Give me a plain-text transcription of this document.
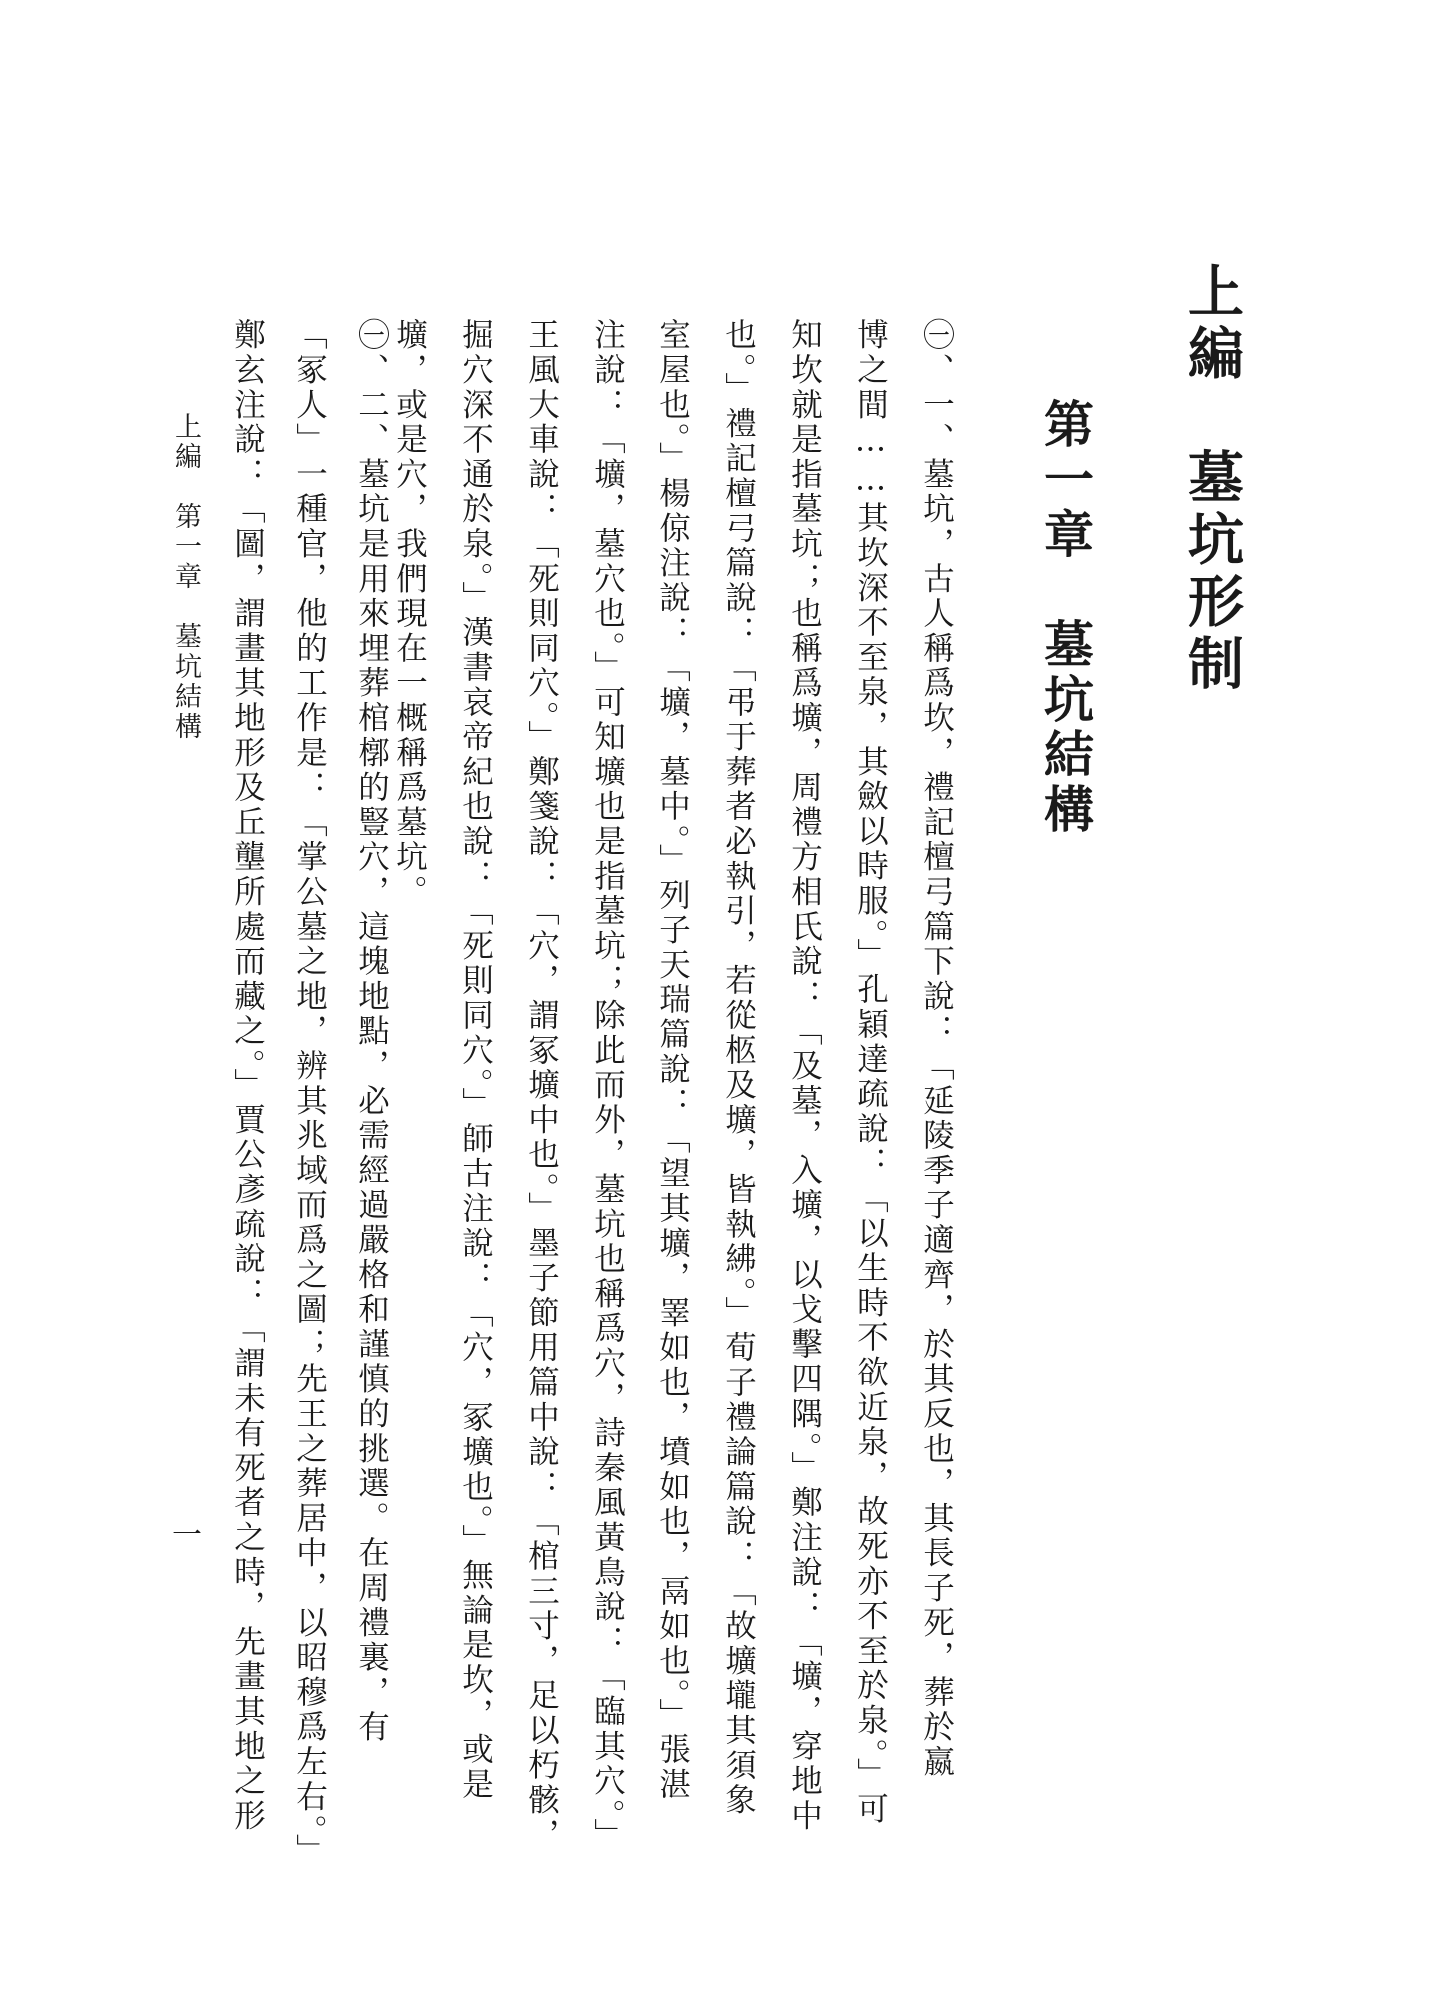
上編　墓坑形制
第一章　墓坑結構
㊀、一、墓坑，古人稱爲坎，禮記檀弓篇下說：「延陵季子適齊，於其反也，其長子死，葬於嬴
博之間……其坎深不至泉，其斂以時服。」孔穎達疏說：「以生時不欲近泉，故死亦不至於泉。」可
知坎就是指墓坑；也稱爲壙，周禮方相氏說：「及墓，入壙，以戈擊四隅。」鄭注說：「壙，穿地中
也。」禮記檀弓篇說：「弔于葬者必執引，若從柩及壙，皆執紼。」荀子禮論篇說：「故壙壠其須象
室屋也。」楊倞注說：「壙，墓中。」列子天瑞篇說：「望其壙，睪如也，墳如也，鬲如也。」張湛
注說：「壙，墓穴也。」可知壙也是指墓坑；除此而外，墓坑也稱爲穴，詩秦風黃鳥說：「臨其穴。」
王風大車說：「死則同穴。」鄭箋說：「穴，謂冢壙中也。」墨子節用篇中說：「棺三寸，足以朽骸，
掘穴深不通於泉。」漢書哀帝紀也說：「死則同穴。」師古注說：「穴，冢壙也。」無論是坎，或是
壙，或是穴，我們現在一概稱爲墓坑。
㊀、二、墓坑是用來埋葬棺槨的豎穴，這塊地點，必需經過嚴格和謹慎的挑選。在周禮裏，有
「冢人」一種官，他的工作是：「掌公墓之地，辨其兆域而爲之圖；先王之葬居中，以昭穆爲左右。」
鄭玄注說：「圖，謂畫其地形及丘壟所處而藏之。」賈公彥疏說：「謂未有死者之時，先畫其地之形
上編　第一章　墓坑結構
一
